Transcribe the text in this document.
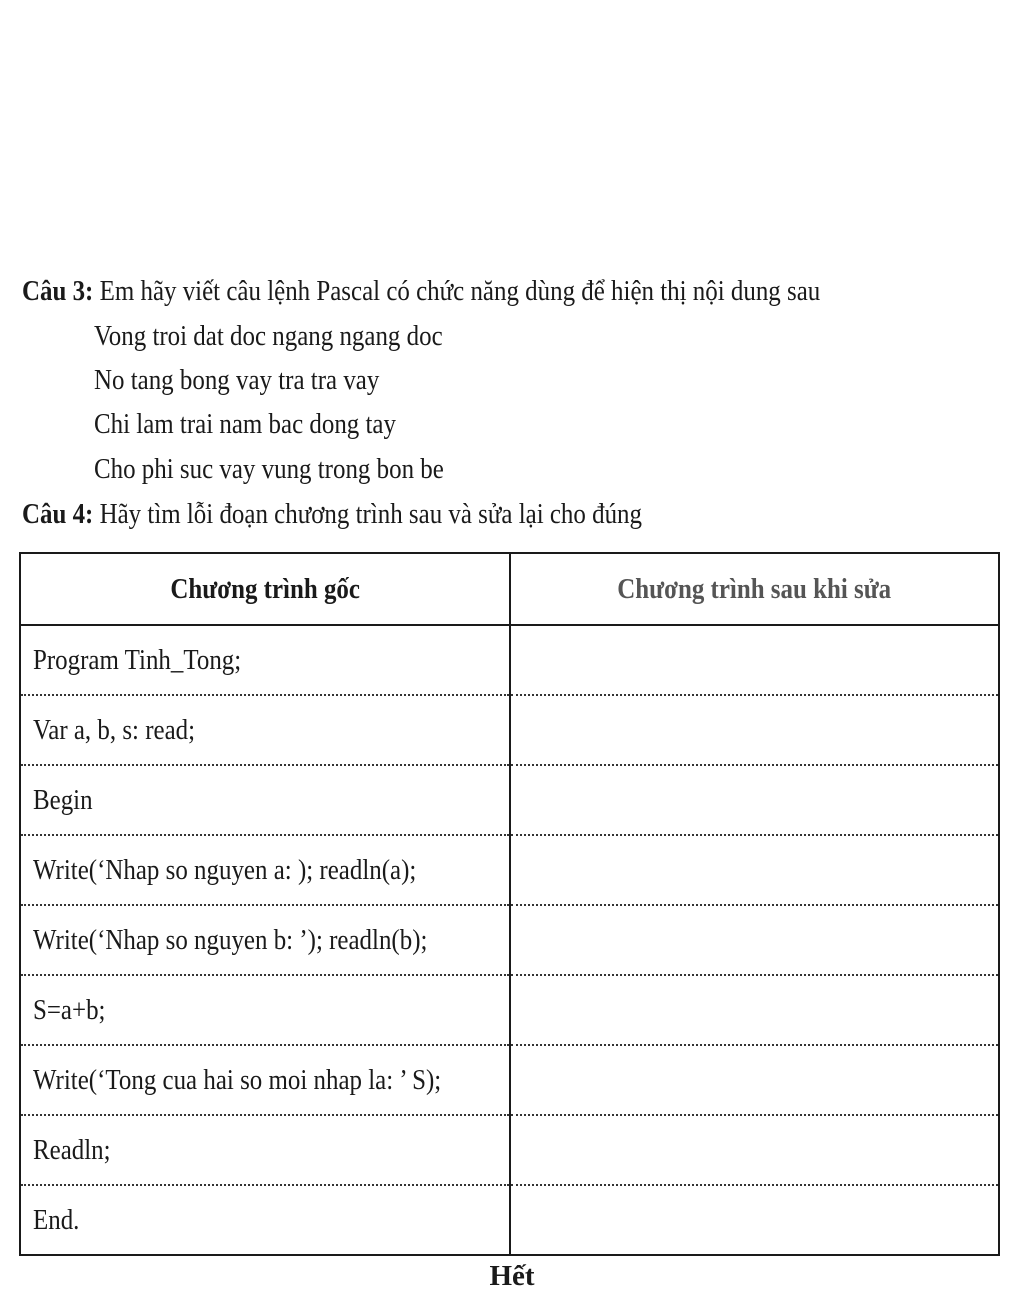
Câu 3: Em hãy viết câu lệnh Pascal có chức năng dùng để hiện thị nội dung sau
Vong troi dat doc ngang ngang doc
No tang bong vay tra tra vay
Chi lam trai nam bac dong tay
Cho phi suc vay vung trong bon be
Câu 4: Hãy tìm lỗi đoạn chương trình sau và sửa lại cho đúng
Chương trình gốc	Chương trình sau khi sửa
Program Tinh_Tong;	
Var a, b, s: read;	
Begin	
Write(‘Nhap so nguyen a: ); readln(a);	
Write(‘Nhap so nguyen b: ’); readln(b);	
S=a+b;	
Write(‘Tong cua hai so moi nhap la: ’ S);	
Readln;	
End.	
Hết
